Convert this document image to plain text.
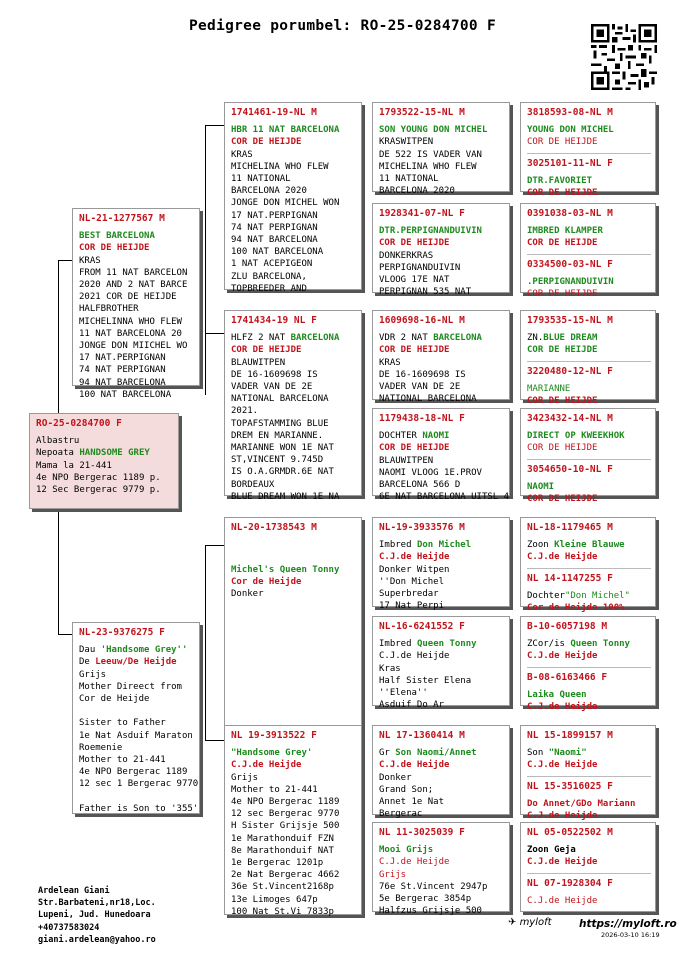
Pedigree porumbel: RO-25-0284700 F
RO-25-0284700 F
Albastru
Nepoata HANDSOME GREY
Mama la 21-441
4e NPO Bergerac 1189 p.
12 Sec Bergerac 9779 p.
NL-21-1277567 M
BEST BARCELONA
COR DE HEIJDE
KRAS
FROM 11 NAT BARCELON
2020 AND 2 NAT BARCE
2021 COR DE HEIJDE
HALFBROTHER
MICHELINNA WHO FLEW
11 NAT BARCELONA 20
JONGE DON MIICHEL WO
17 NAT.PERPIGNAN
74 NAT PERPIGNAN
94 NAT BARCELONA
100 NAT BARCELONA
NL-23-9376275 F
Dau 'Handsome Grey''
De Leeuw/De Heijde
Grijs
Mother Direect from
Cor de Heijde
Sister to Father
1e Nat Asduif Maraton
Roemenie
Mother to 21-441
4e NPO Bergerac 1189
12 sec 1 Bergerac 9770
Father is Son to '355'
1741461-19-NL M
HBR 11 NAT BARCELONA
COR DE HEIJDE
KRAS
MICHELINA WHO FLEW
11 NATIONAL
BARCELONA 2020
JONGE DON MICHEL WON
17 NAT.PERPIGNAN
74 NAT PERPIGNAN
94 NAT BARCELONA
100 NAT BARCELONA
1 NAT ACEPIGEON
ZLU BARCELONA,
TOPBREEDER AND
1741434-19 NL F
HLFZ 2 NAT BARCELONA
COR DE HEIJDE
BLAUWITPEN
DE 16-1609698 IS
VADER VAN DE 2E
NATIONAL BARCELONA
2021.
TOPAFSTAMMING BLUE
DREM EN MARIANNE.
MARIANNE WON 1E NAT
ST,VINCENT 9.745D
IS O.A.GRMDR.6E NAT
BORDEAUX
BLUE DREAM WON 1E NA
NL-20-1738543 M
Michel's Queen Tonny
Cor de Heijde
Donker
NL 19-3913522 F
"Handsome Grey'
C.J.de Heijde
Grijs
Mother to 21-441
4e NPO Bergerac 1189
12 sec Bergerac 9770
H Sister Grijsje 500
1e Marathonduif FZN
8e Marathonduif NAT
1e Bergerac 1201p
2e Nat Bergerac 4662
36e St.Vincent2168p
13e Limoges 647p
100 Nat St.Vi 7833p
1793522-15-NL M
SON YOUNG DON MICHEL
KRASWITPEN
DE 522 IS VADER VAN
MICHELINA WHO FLEW
11 NATIONAL
BARCELONA 2020
1928341-07-NL F
DTR.PERPIGNANDUIVIN
COR DE HEIJDE
DONKERKRAS
PERPIGNANDUIVIN
VLOOG 17E NAT
PERPIGNAN 535 NAT
1609698-16-NL M
VDR 2 NAT BARCELONA
COR DE HEIJDE
KRAS
DE 16-1609698 IS
VADER VAN DE 2E
NATIONAL BARCELONA
1179438-18-NL F
DOCHTER NAOMI
COR DE HEIJDE
BLAUWITPEN
NAOMI VLOOG 1E.PROV
BARCELONA 566 D
6E NAT BARCELONA UITSL 4
NL-19-3933576 M
Imbred Don Michel
C.J.de Heijde
Donker Witpen
''Don Michel
Superbredar
17 Nat Perpi
NL-16-6241552 F
Imbred Queen Tonny
C.J.de Heijde
Kras
Half Sister Elena
''Elena''
Asduif Do Ar
NL 17-1360414 M
Gr Son Naomi/Annet
C.J.de Heijde
Donker
Grand Son;
Annet 1e Nat
Bergerac
NL 11-3025039 F
Mooi Grijs
C.J.de Heijde
Grijs
76e St.Vincent 2947p
5e Bergerac 3854p
Halfzus Grijsje 500
3818593-08-NL M
YOUNG DON MICHEL
COR DE HEIJDE
3025101-11-NL F
DTR.FAVORIET
COR DE HEIJDE
0391038-03-NL M
IMBRED KLAMPER
COR DE HEIJDE
0334500-03-NL F
.PERPIGNANDUIVIN
COR DE HEIJDE
1793535-15-NL M
ZN.BLUE DREAM
COR DE HEIJDE
3220480-12-NL F
MARIANNE
COR DE HEIJDE
3423432-14-NL M
DIRECT OP KWEEKHOK
COR DE HEIJDE
3054650-10-NL F
NAOMI
COR DE HEIJDE
NL-18-1179465 M
Zoon Kleine Blauwe
C.J.de Heijde
NL 14-1147255 F
Dochter"Don Michel"
Cor de Heijde 100%
B-10-6057198 M
ZCor/is Queen Tonny
C.J.de Heijde
B-08-6163466 F
Laika Queen
C.J.de Heijde
NL 15-1899157 M
Son "Naomi"
C.J.de Heijde
NL 15-3516025 F
Do Annet/GDo Mariann
C.J.de Heijde
NL 05-0522502 M
Zoon Geja
C.J.de Heijde
NL 07-1928304 F
C.J.de Heijde
Ardelean Giani
Str.Barbateni,nr18,Loc.
Lupeni, Jud. Hunedoara
+40737583024
giani.ardelean@yahoo.ro
✈ myloft	https://myloft.ro
2026-03-10 16:19
